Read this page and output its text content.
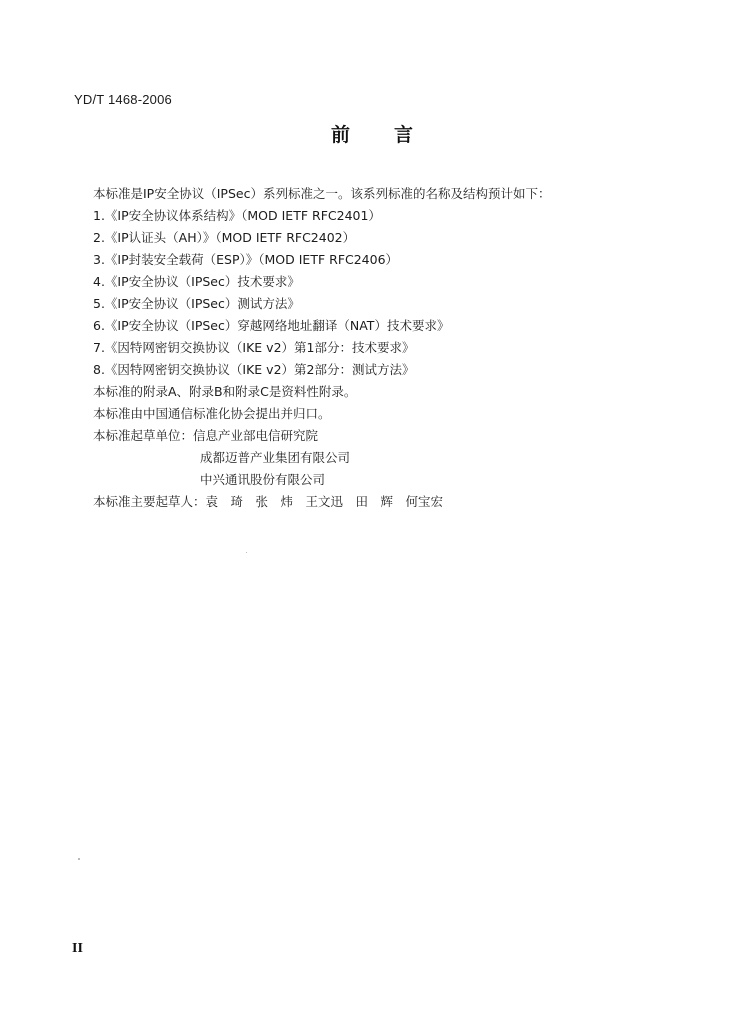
YD/T 1468-2006
前言
本标准是IP安全协议（IPSec）系列标准之一。该系列标准的名称及结构预计如下：
1.《IP安全协议体系结构》（MOD IETF RFC2401）
2.《IP认证头（AH）》（MOD IETF RFC2402）
3.《IP封装安全载荷（ESP）》（MOD IETF RFC2406）
4.《IP安全协议（IPSec）技术要求》
5.《IP安全协议（IPSec）测试方法》
6.《IP安全协议（IPSec）穿越网络地址翻译（NAT）技术要求》
7.《因特网密钥交换协议（IKE v2）第1部分：技术要求》
8.《因特网密钥交换协议（IKE v2）第2部分：测试方法》
本标准的附录A、附录B和附录C是资料性附录。
本标准由中国通信标准化协会提出并归口。
本标准起草单位：信息产业部电信研究院
成都迈普产业集团有限公司
中兴通讯股份有限公司
本标准主要起草人：袁　琦　张　炜　王文迅　田　辉　何宝宏
II
